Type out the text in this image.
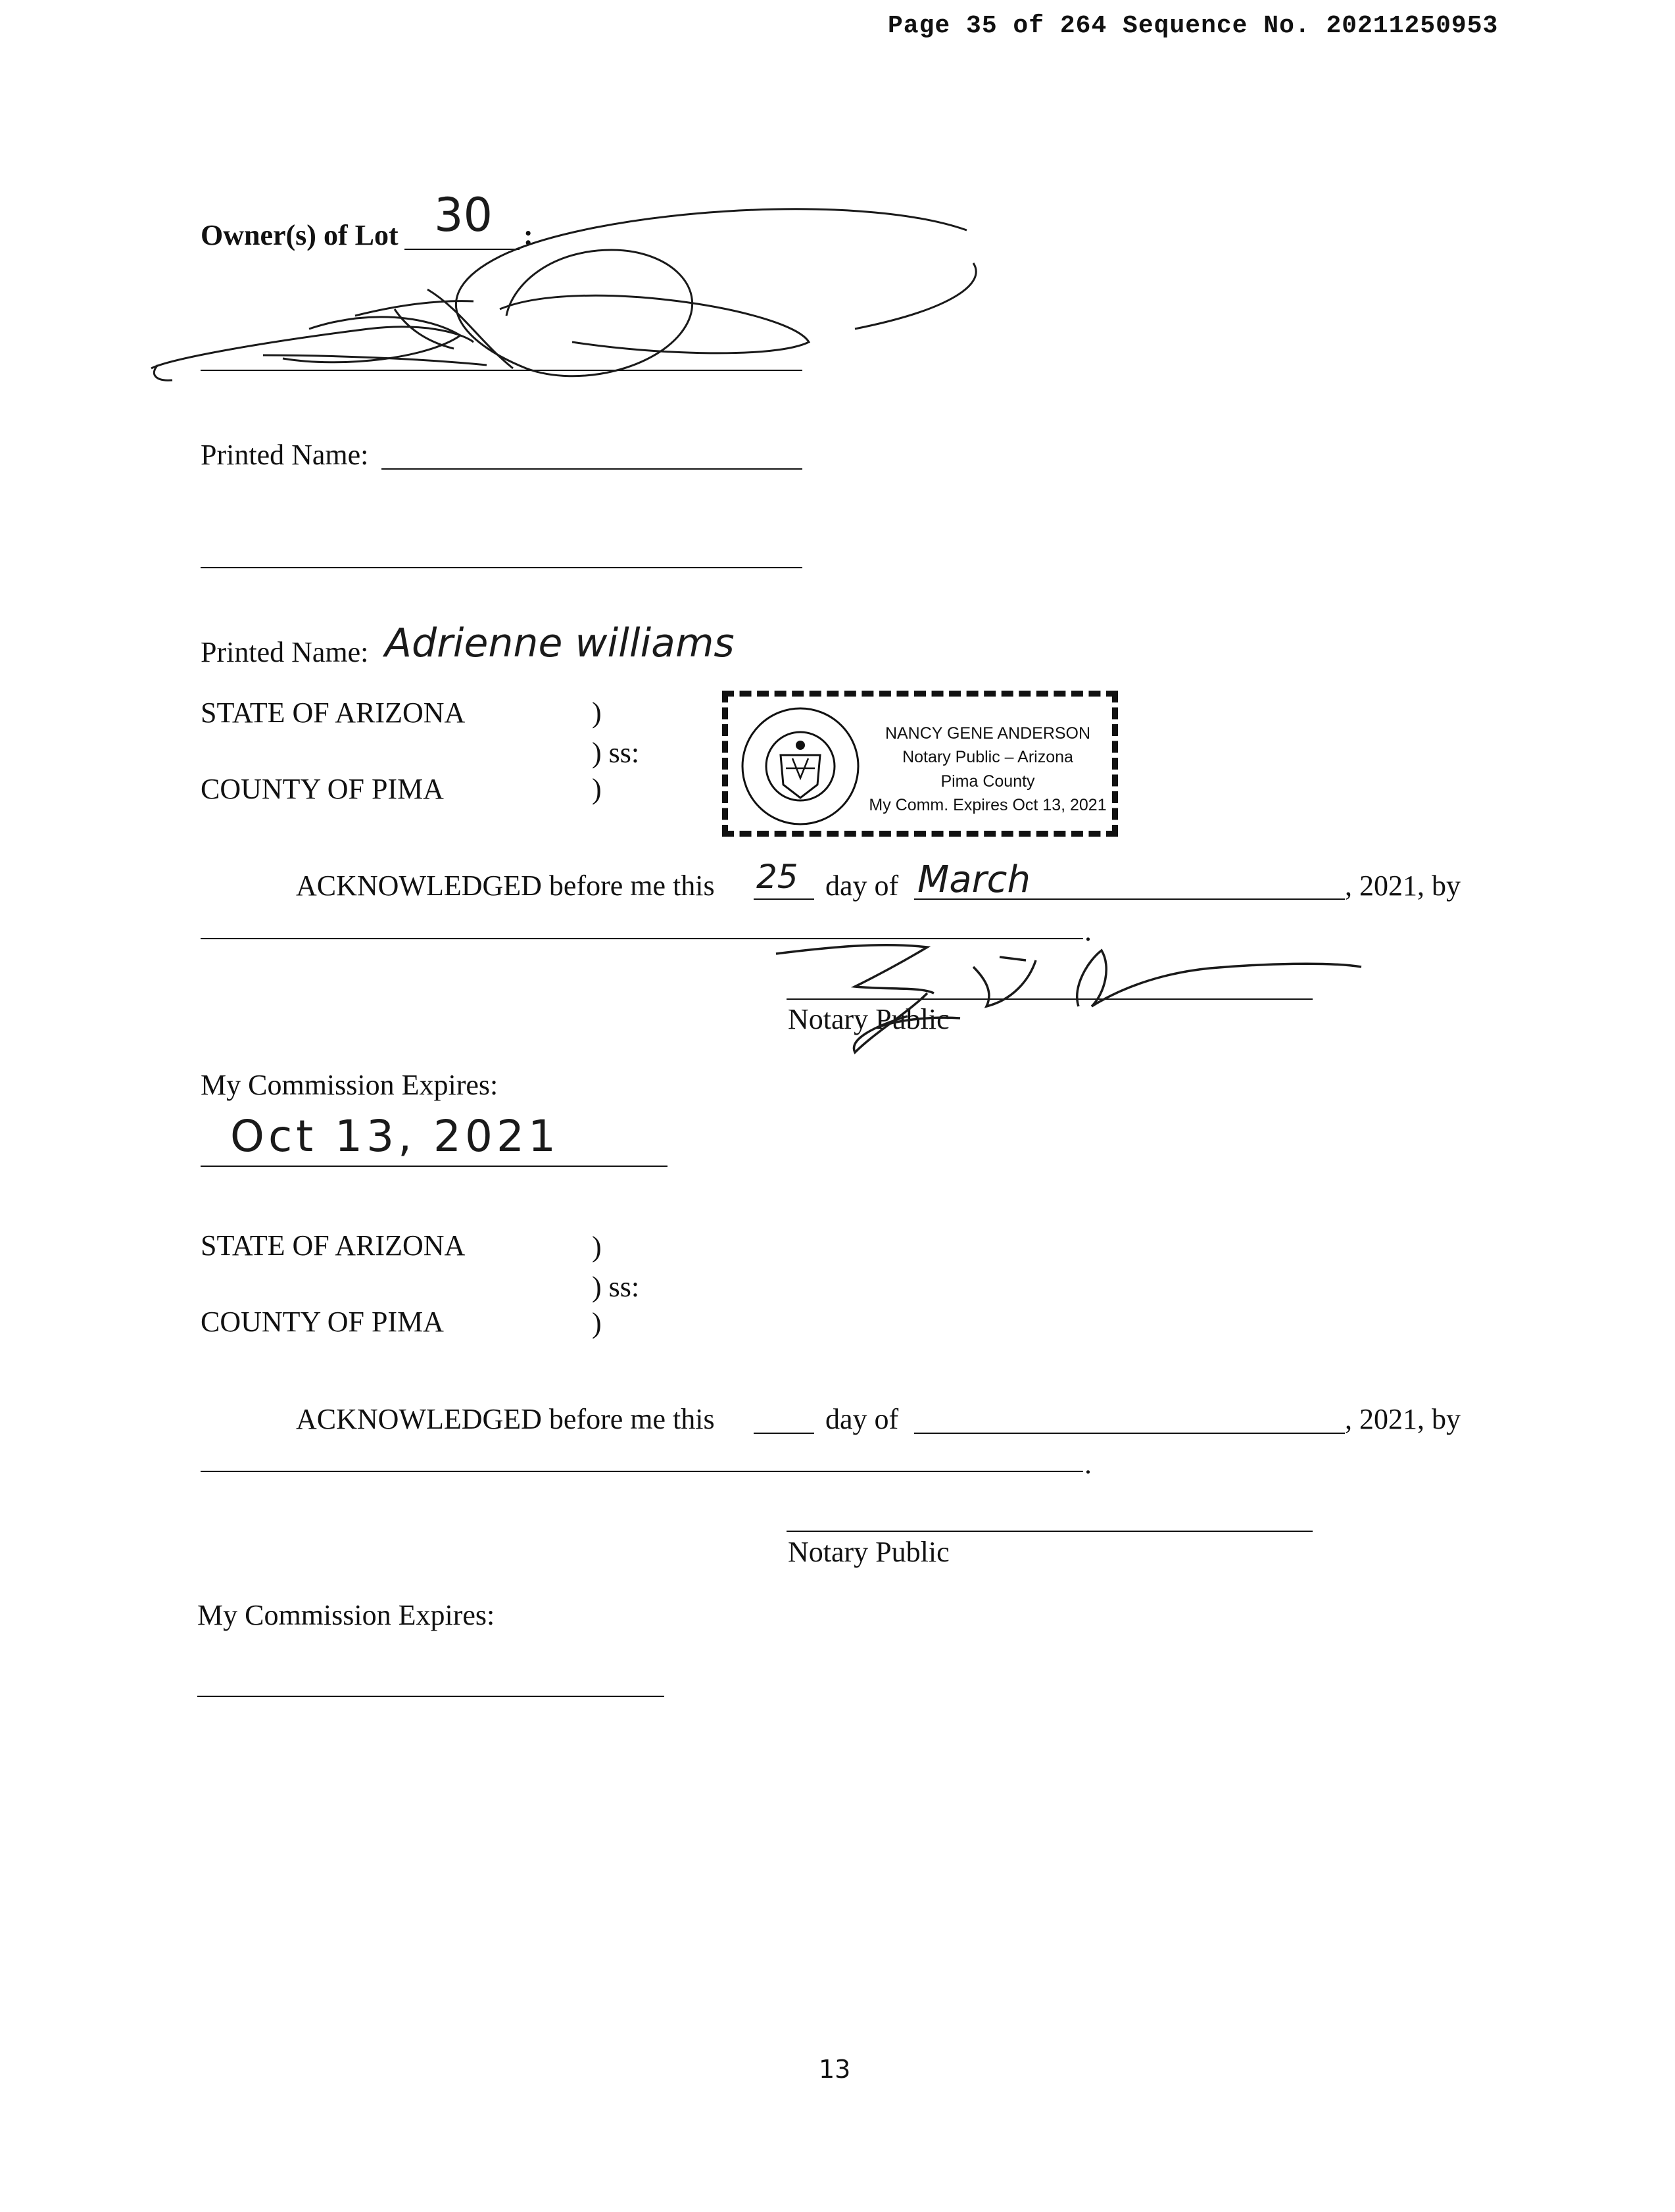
Page 35 of 264 Sequence No. 20211250953
Owner(s) of Lot 30 :
Printed Name:
Printed Name: Adrienne williams
STATE OF ARIZONA	)
) ss:
COUNTY OF PIMA	)
NANCY GENE ANDERSON
Notary Public – Arizona
Pima County
My Comm. Expires Oct 13, 2021
ACKNOWLEDGED before me this 25 day of March	, 2021, by
.
Notary Public
My Commission Expires:
Oct 13, 2021
STATE OF ARIZONA	)
) ss:
COUNTY OF PIMA	)
ACKNOWLEDGED before me this	day of	, 2021, by
.
Notary Public
My Commission Expires:
13
